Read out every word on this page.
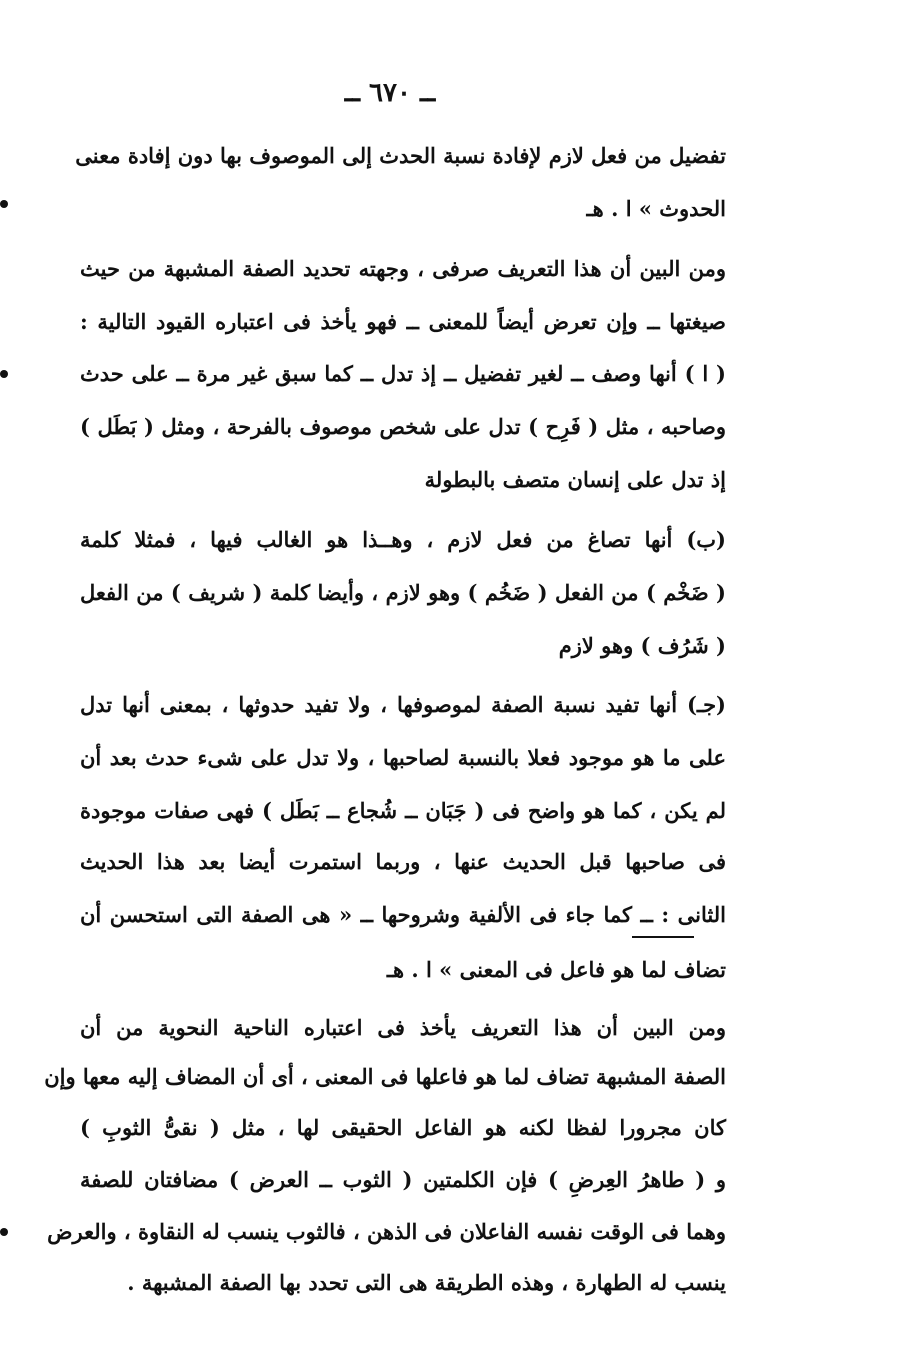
ــ ٦٧٠ ــ
تفضيل من فعل لازم لإفادة نسبة الحدث إلى الموصوف بها دون إفادة معنى
الحدوث » ا . هـ
ومن البين أن هذا التعريف صرفى ، وجهته تحديد الصفة المشبهة من حيث
صيغتها ــ وإن تعرض أيضاً للمعنى ــ فهو يأخذ فى اعتباره القيود التالية :
( ا ) أنها وصف ــ لغير تفضيل ــ إذ تدل ــ كما سبق غير مرة ــ على حدث
وصاحبه ، مثل ( فَرِح ) تدل على شخص موصوف بالفرحة ، ومثل ( بَطَل )
إذ تدل على إنسان متصف بالبطولة
(ب) أنها تصاغ من فعل لازم ، وهــذا هو الغالب فيها ، فمثلا كلمة
( ضَخْم ) من الفعل ( ضَخُم ) وهو لازم ، وأيضا كلمة ( شريف ) من الفعل
( شَرُف ) وهو لازم
(جـ) أنها تفيد نسبة الصفة لموصوفها ، ولا تفيد حدوثها ، بمعنى أنها تدل
على ما هو موجود فعلا بالنسبة لصاحبها ، ولا تدل على شىء حدث بعد أن
لم يكن ، كما هو واضح فى ( جَبَان ــ شُجاع ــ بَطَل ) فهى صفات موجودة
فى صاحبها قبل الحديث عنها ، وربما استمرت أيضا بعد هذا الحديث
الثانى : ــ كما جاء فى الألفية وشروحها ــ « هى الصفة التى استحسن أن
تضاف لما هو فاعل فى المعنى » ا . هـ
ومن البين أن هذا التعريف يأخذ فى اعتباره الناحية النحوية من أن
الصفة المشبهة تضاف لما هو فاعلها فى المعنى ، أى أن المضاف إليه معها وإن
كان مجرورا لفظا لكنه هو الفاعل الحقيقى لها ، مثل ( نقىُّ الثوبِ )
و ( طاهرُ العِرضِ ) فإن الكلمتين ( الثوب ــ العرض ) مضافتان للصفة
وهما فى الوقت نفسه الفاعلان فى الذهن ، فالثوب ينسب له النقاوة ، والعرض
ينسب له الطهارة ، وهذه الطريقة هى التى تحدد بها الصفة المشبهة .
